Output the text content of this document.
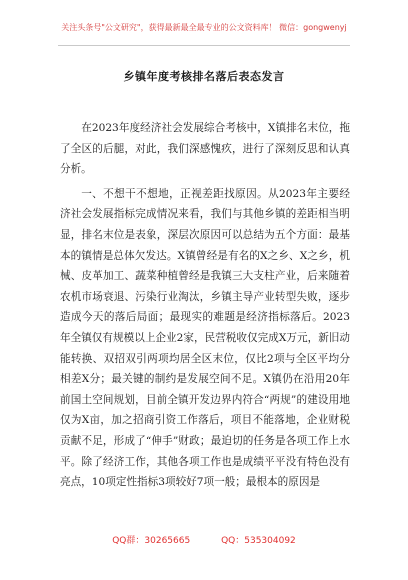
关注头条号"公文研究"，获得最新最全最专业的公文资料库！ 微信：gongwenyj
乡镇年度考核排名落后表态发言

在2023年度经济社会发展综合考核中，X镇排名末位，拖了全区的后腿，对此，我们深感愧疚，进行了深刻反思和认真分析。

一、不想干不想地，正视差距找原因。从2023年主要经济社会发展指标完成情况来看，我们与其他乡镇的差距相当明显，排名末位是表象，深层次原因可以总结为五个方面：最基本的镇情是总体欠发达。X镇曾经是有名的X之乡、X之乡，机械、皮革加工、蔬菜种植曾经是我镇三大支柱产业，后来随着农机市场衰退、污染行业淘汰，乡镇主导产业转型失败，逐步造成今天的落后局面；最现实的难题是经济指标落后。2023年全镇仅有规模以上企业2家，民营税收仅完成X万元，新旧动能转换、双招双引两项均居全区末位，仅比2项与全区平均分相差X分；最关键的制约是发展空间不足。X镇仍在沿用20年前国土空间规划，目前全镇开发边界内符合“两规”的建设用地仅为X亩，加之招商引资工作落后，项目不能落地，企业财税贡献不足，形成了“伸手”财政；最迫切的任务是各项工作上水平。除了经济工作，其他各项工作也是成绩平平没有特色没有亮点，10项定性指标3项较好7项一般；最根本的原因是

QQ群：30265665	QQ：535304092
